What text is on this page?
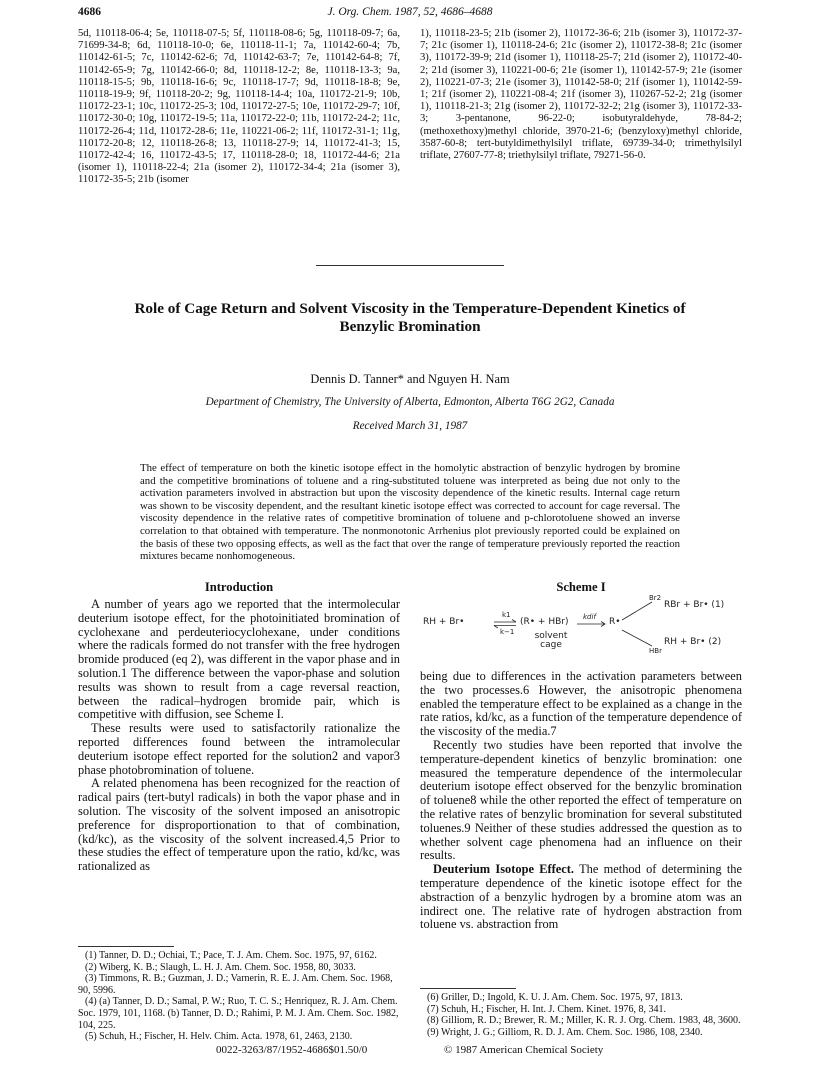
4686	J. Org. Chem. 1987, 52, 4686–4688
5d, 110118-06-4; 5e, 110118-07-5; 5f, 110118-08-6; 5g, 110118-09-7; 6a, 71699-34-8; 6d, 110118-10-0; 6e, 110118-11-1; 7a, 110142-60-4; 7b, 110142-61-5; 7c, 110142-62-6; 7d, 110142-63-7; 7e, 110142-64-8; 7f, 110142-65-9; 7g, 110142-66-0; 8d, 110118-12-2; 8e, 110118-13-3; 9a, 110118-15-5; 9b, 110118-16-6; 9c, 110118-17-7; 9d, 110118-18-8; 9e, 110118-19-9; 9f, 110118-20-2; 9g, 110118-14-4; 10a, 110172-21-9; 10b, 110172-23-1; 10c, 110172-25-3; 10d, 110172-27-5; 10e, 110172-29-7; 10f, 110172-30-0; 10g, 110172-19-5; 11a, 110172-22-0; 11b, 110172-24-2; 11c, 110172-26-4; 11d, 110172-28-6; 11e, 110221-06-2; 11f, 110172-31-1; 11g, 110172-20-8; 12, 110118-26-8; 13, 110118-27-9; 14, 110172-41-3; 15, 110172-42-4; 16, 110172-43-5; 17, 110118-28-0; 18, 110172-44-6; 21a (isomer 1), 110118-22-4; 21a (isomer 2), 110172-34-4; 21a (isomer 3), 110172-35-5; 21b (isomer
1), 110118-23-5; 21b (isomer 2), 110172-36-6; 21b (isomer 3), 110172-37-7; 21c (isomer 1), 110118-24-6; 21c (isomer 2), 110172-38-8; 21c (isomer 3), 110172-39-9; 21d (isomer 1), 110118-25-7; 21d (isomer 2), 110172-40-2; 21d (isomer 3), 110221-00-6; 21e (isomer 1), 110142-57-9; 21e (isomer 2), 110221-07-3; 21e (isomer 3), 110142-58-0; 21f (isomer 1), 110142-59-1; 21f (isomer 2), 110221-08-4; 21f (isomer 3), 110267-52-2; 21g (isomer 1), 110118-21-3; 21g (isomer 2), 110172-32-2; 21g (isomer 3), 110172-33-3; 3-pentanone, 96-22-0; isobutyraldehyde, 78-84-2; (methoxethoxy)methyl chloride, 3970-21-6; (benzyloxy)methyl chloride, 3587-60-8; tert-butyldimethylsilyl triflate, 69739-34-0; trimethylsilyl triflate, 27607-77-8; triethylsilyl triflate, 79271-56-0.
Role of Cage Return and Solvent Viscosity in the Temperature-Dependent Kinetics of Benzylic Bromination
Dennis D. Tanner* and Nguyen H. Nam
Department of Chemistry, The University of Alberta, Edmonton, Alberta T6G 2G2, Canada
Received March 31, 1987
The effect of temperature on both the kinetic isotope effect in the homolytic abstraction of benzylic hydrogen by bromine and the competitive brominations of toluene and a ring-substituted toluene was interpreted as being due not only to the activation parameters involved in abstraction but upon the viscosity dependence of the kinetic results. Internal cage return was shown to be viscosity dependent, and the resultant kinetic isotope effect was corrected to account for cage reversal. The viscosity dependence in the relative rates of competitive bromination of toluene and p-chlorotoluene showed an inverse correlation to that obtained with temperature. The nonmonotonic Arrhenius plot previously reported could be explained on the basis of these two opposing effects, as well as the fact that over the range of temperature previously reported the reaction mixtures became nonhomogeneous.
Introduction

A number of years ago we reported that the intermolecular deuterium isotope effect, for the photoinitiated bromination of cyclohexane and perdeuteriocyclohexane, under conditions where the radicals formed do not transfer with the free hydrogen bromide produced (eq 2), was different in the vapor phase and in solution.1 The difference between the vapor-phase and solution results was shown to result from a cage reversal reaction, between the radical–hydrogen bromide pair, which is competitive with diffusion, see Scheme I.

These results were used to satisfactorily rationalize the reported differences found between the intramolecular deuterium isotope effect reported for the solution2 and vapor3 phase photobromination of toluene.

A related phenomena has been recognized for the reaction of radical pairs (tert-butyl radicals) in both the vapor phase and in solution. The viscosity of the solvent imposed an anisotropic preference for disproportionation to that of combination, (kd/kc), as the viscosity of the solvent increased.4,5 Prior to these studies the effect of temperature upon the ratio, kd/kc, was rationalized as

Scheme I
RH + Br•
k1
k−1
(R• + HBr) kdif R•
solvent cage
Br2
RBr + Br• (1)
HBr
RH + Br• (2)

being due to differences in the activation parameters between the two processes.6 However, the anisotropic phenomena enabled the temperature effect to be explained as a change in the rate ratios, kd/kc, as a function of the temperature dependence of the viscosity of the media.7

Recently two studies have been reported that involve the temperature-dependent kinetics of benzylic bromination: one measured the temperature dependence of the intermolecular deuterium isotope effect observed for the benzylic bromination of toluene8 while the other reported the effect of temperature on the relative rates of benzylic bromination for several substituted toluenes.9 Neither of these studies addressed the question as to whether solvent cage phenomena had an influence on their results.

Deuterium Isotope Effect. The method of determining the temperature dependence of the kinetic isotope effect for the abstraction of a benzylic hydrogen by a bromine atom was an indirect one. The relative rate of hydrogen abstraction from toluene vs. abstraction from

(1) Tanner, D. D.; Ochiai, T.; Pace, T. J. Am. Chem. Soc. 1975, 97, 6162.

(2) Wiberg, K. B.; Slaugh, L. H. J. Am. Chem. Soc. 1958, 80, 3033.

(3) Timmons, R. B.; Guzman, J. D.; Varnerin, R. E. J. Am. Chem. Soc. 1968, 90, 5996.

(4) (a) Tanner, D. D.; Samal, P. W.; Ruo, T. C. S.; Henriquez, R. J. Am. Chem. Soc. 1979, 101, 1168. (b) Tanner, D. D.; Rahimi, P. M. J. Am. Chem. Soc. 1982, 104, 225.

(5) Schuh, H.; Fischer, H. Helv. Chim. Acta. 1978, 61, 2463, 2130.

(6) Griller, D.; Ingold, K. U. J. Am. Chem. Soc. 1975, 97, 1813.

(7) Schuh, H.; Fischer, H. Int. J. Chem. Kinet. 1976, 8, 341.

(8) Gilliom, R. D.; Brewer, R. M.; Miller, K. R. J. Org. Chem. 1983, 48, 3600.

(9) Wright, J. G.; Gilliom, R. D. J. Am. Chem. Soc. 1986, 108, 2340.

0022-3263/87/1952-4686$01.50/0	© 1987 American Chemical Society
